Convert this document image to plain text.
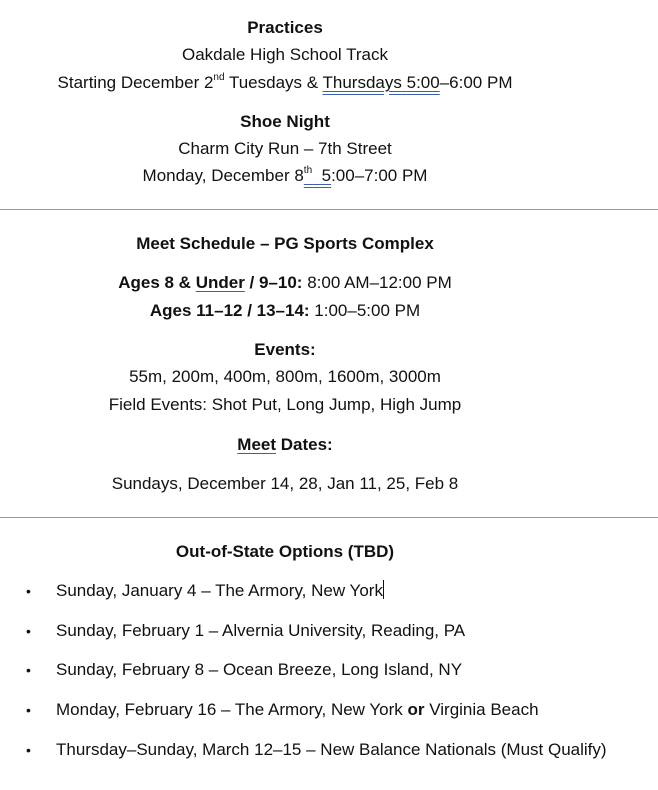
Practices
Oakdale High School Track
Starting December 2nd Tuesdays & Thursdays 5:00–6:00 PM
Shoe Night
Charm City Run – 7th Street
Monday, December 8th 5:00–7:00 PM
Meet Schedule – PG Sports Complex
Ages 8 & Under / 9–10: 8:00 AM–12:00 PM
Ages 11–12 / 13–14: 1:00–5:00 PM
Events:
55m, 200m, 400m, 800m, 1600m, 3000m
Field Events: Shot Put, Long Jump, High Jump
Meet Dates:
Sundays, December 14, 28, Jan 11, 25, Feb 8
Out-of-State Options (TBD)
• Sunday, January 4 – The Armory, New York
• Sunday, February 1 – Alvernia University, Reading, PA
• Sunday, February 8 – Ocean Breeze, Long Island, NY
• Monday, February 16 – The Armory, New York or Virginia Beach
• Thursday–Sunday, March 12–15 – New Balance Nationals (Must Qualify)
